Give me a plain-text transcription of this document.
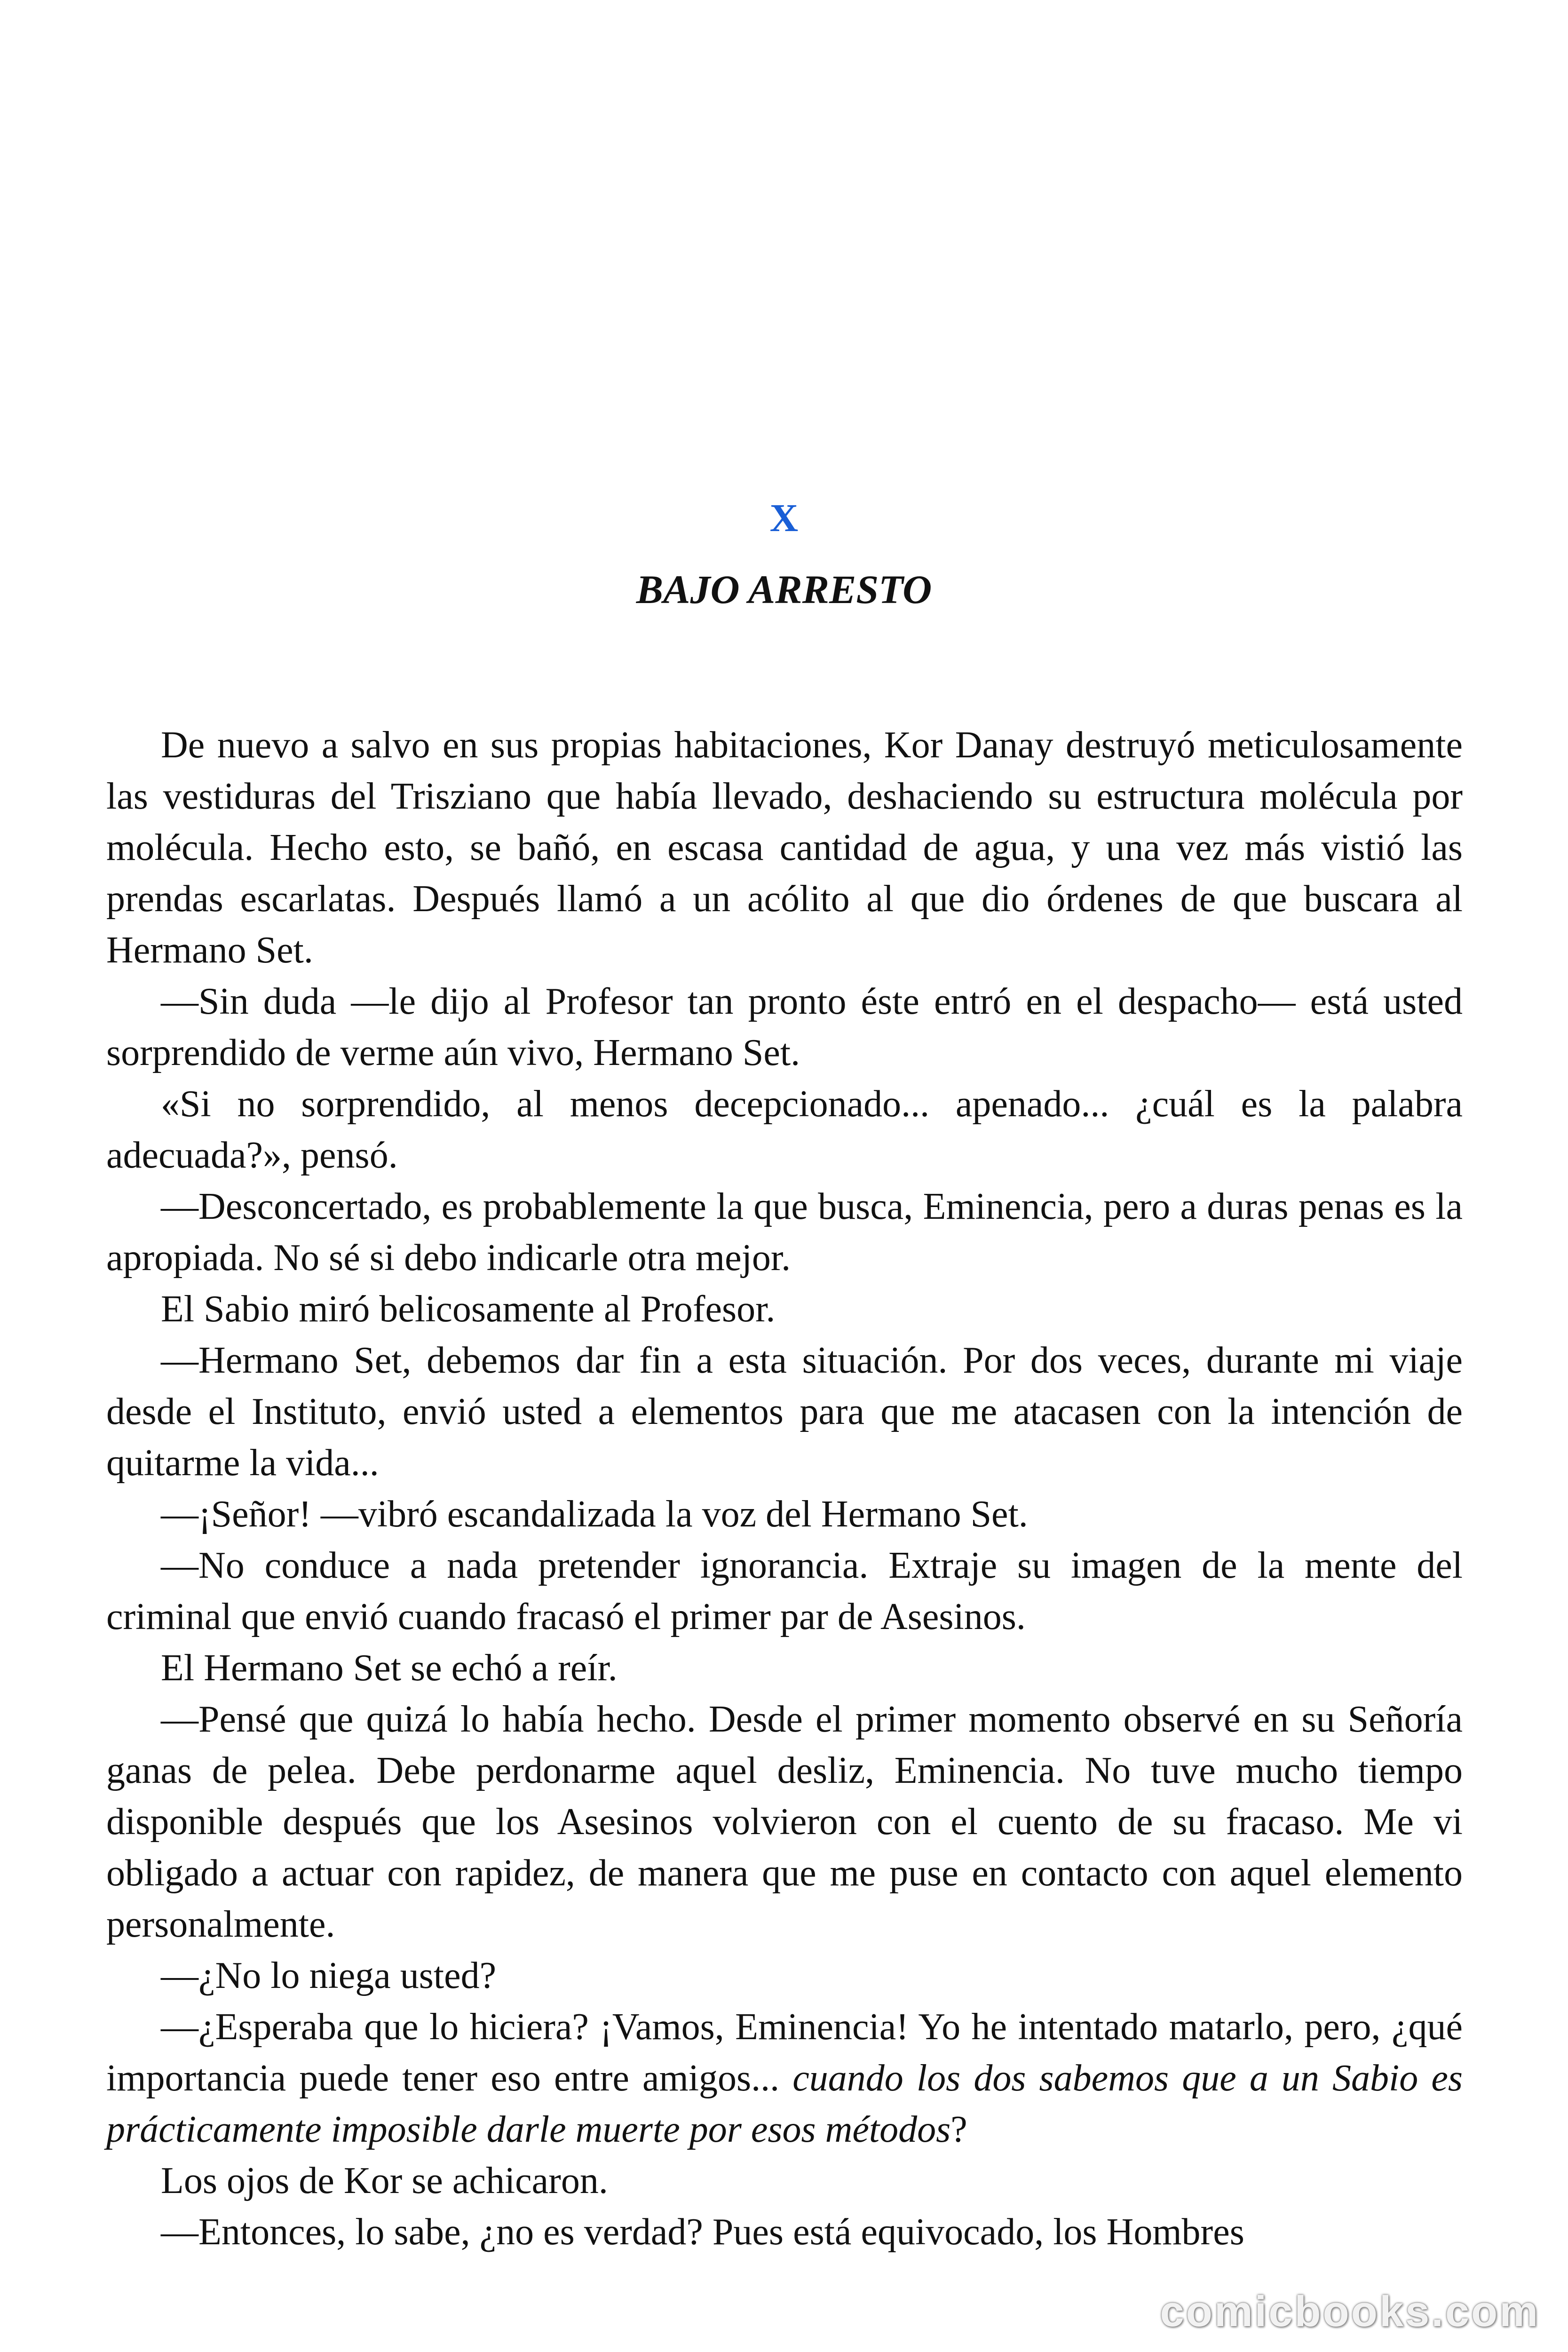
X
BAJO ARRESTO

De nuevo a salvo en sus propias habitaciones, Kor Danay destruyó meticulosamente las vestiduras del Trisziano que había llevado, deshaciendo su estructura molécula por molécula. Hecho esto, se bañó, en escasa cantidad de agua, y una vez más vistió las prendas escarlatas. Después llamó a un acólito al que dio órdenes de que buscara al Hermano Set.

—Sin duda —le dijo al Profesor tan pronto éste entró en el despacho— está usted sorprendido de verme aún vivo, Hermano Set.

«Si no sorprendido, al menos decepcionado... apenado... ¿cuál es la palabra adecuada?», pensó.

—Desconcertado, es probablemente la que busca, Eminencia, pero a duras penas es la apropiada. No sé si debo indicarle otra mejor.

El Sabio miró belicosamente al Profesor.

—Hermano Set, debemos dar fin a esta situación. Por dos veces, durante mi viaje desde el Instituto, envió usted a elementos para que me atacasen con la intención de quitarme la vida...

—¡Señor! —vibró escandalizada la voz del Hermano Set.

—No conduce a nada pretender ignorancia. Extraje su imagen de la mente del criminal que envió cuando fracasó el primer par de Asesinos.

El Hermano Set se echó a reír.

—Pensé que quizá lo había hecho. Desde el primer momento observé en su Señoría ganas de pelea. Debe perdonarme aquel desliz, Eminencia. No tuve mucho tiempo disponible después que los Asesinos volvieron con el cuento de su fracaso. Me vi obligado a actuar con rapidez, de manera que me puse en contacto con aquel elemento personalmente.

—¿No lo niega usted?

—¿Esperaba que lo hiciera? ¡Vamos, Eminencia! Yo he intentado matarlo, pero, ¿qué importancia puede tener eso entre amigos... cuando los dos sabemos que a un Sabio es prácticamente imposible darle muerte por esos métodos?

Los ojos de Kor se achicaron.

—Entonces, lo sabe, ¿no es verdad? Pues está equivocado, los Hombres

comicbooks.com
